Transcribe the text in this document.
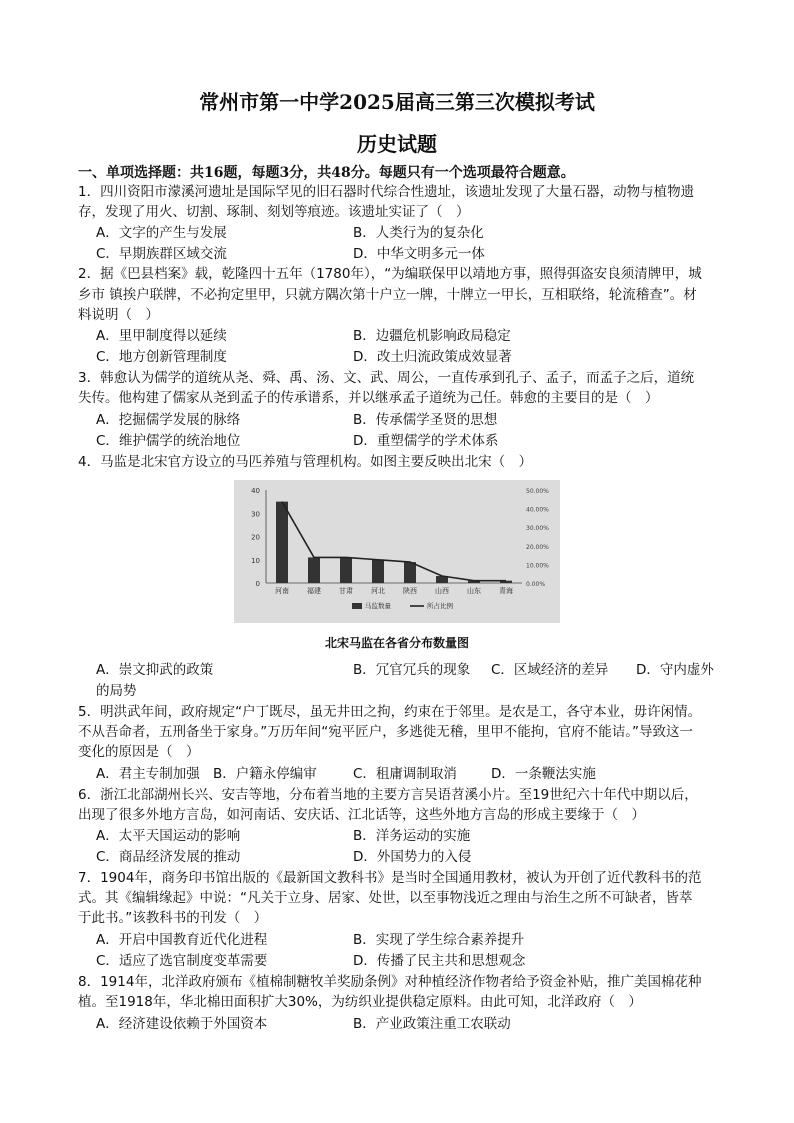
常州市第一中学2025届高三第三次模拟考试
历史试题
一、单项选择题：共16题，每题3分，共48分。每题只有一个选项最符合题意。
1．四川资阳市濛溪河遗址是国际罕见的旧石器时代综合性遗址，该遗址发现了大量石器，动物与植物遗
存，发现了用火、切割、琢制、刻划等痕迹。该遗址实证了（　）
A．文字的产生与发展	B．人类行为的复杂化
C．早期族群区域交流	D．中华文明多元一体
2．据《巴县档案》载，乾隆四十五年（1780年），“为编联保甲以靖地方事，照得弭盗安良须清牌甲，城
乡市 镇挨户联牌，不必拘定里甲，只就方隅次第十户立一牌，十牌立一甲长，互相联络，轮流稽查”。材
料说明（　）
A．里甲制度得以延续	B．边疆危机影响政局稳定
C．地方创新管理制度	D．改土归流政策成效显著
3．韩愈认为儒学的道统从尧、舜、禹、汤、文、武、周公，一直传承到孔子、孟子，而孟子之后，道统
失传。他构建了儒家从尧到孟子的传承谱系，并以继承孟子道统为己任。韩愈的主要目的是（　）
A．挖掘儒学发展的脉络	B．传承儒学圣贤的思想
C．维护儒学的统治地位	D．重塑儒学的学术体系
4．马监是北宋官方设立的马匹养殖与管理机构。如图主要反映出北宋（　）
40
30
20
10
0
50.00%
40.00%
30.00%
20.00%
10.00%
0.00%
河南	福建	甘肃	河北	陕西	山西	山东	青海
马监数量	所占比例
北宋马监在各省分布数量图
A．崇文抑武的政策	B．冗官冗兵的现象 C．区域经济的差异 D．守内虚外
的局势
5．明洪武年间，政府规定“户丁既尽，虽无井田之拘，约束在于邻里。是农是工，各守本业，毋许闲情。
不从吾命者，五刑备坐于家身。”万历年间“宛平匠户，多逃徙无稽，里甲不能拘，官府不能诘。”导致这一
变化的原因是（　）
A．君主专制加强 B．户籍永停编审	C．租庸调制取消	D．一条鞭法实施
6．浙江北部湖州长兴、安吉等地，分布着当地的主要方言吴语苕溪小片。至19世纪六十年代中期以后，
出现了很多外地方言岛，如河南话、安庆话、江北话等，这些外地方言岛的形成主要缘于（　）
A．太平天国运动的影响	B．洋务运动的实施
C．商品经济发展的推动	D．外国势力的入侵
7．1904年，商务印书馆出版的《最新国文教科书》是当时全国通用教材，被认为开创了近代教科书的范
式。其《编辑缘起》中说：“凡关于立身、居家、处世，以至事物浅近之理由与治生之所不可缺者，皆萃
于此书。”该教科书的刊发（　）
A．开启中国教育近代化进程	B．实现了学生综合素养提升
C．适应了选官制度变革需要	D．传播了民主共和思想观念
8．1914年，北洋政府颁布《植棉制糖牧羊奖励条例》对种植经济作物者给予资金补贴，推广美国棉花种
植。至1918年，华北棉田面积扩大30%，为纺织业提供稳定原料。由此可知，北洋政府（　）
A．经济建设依赖于外国资本	B．产业政策注重工农联动
